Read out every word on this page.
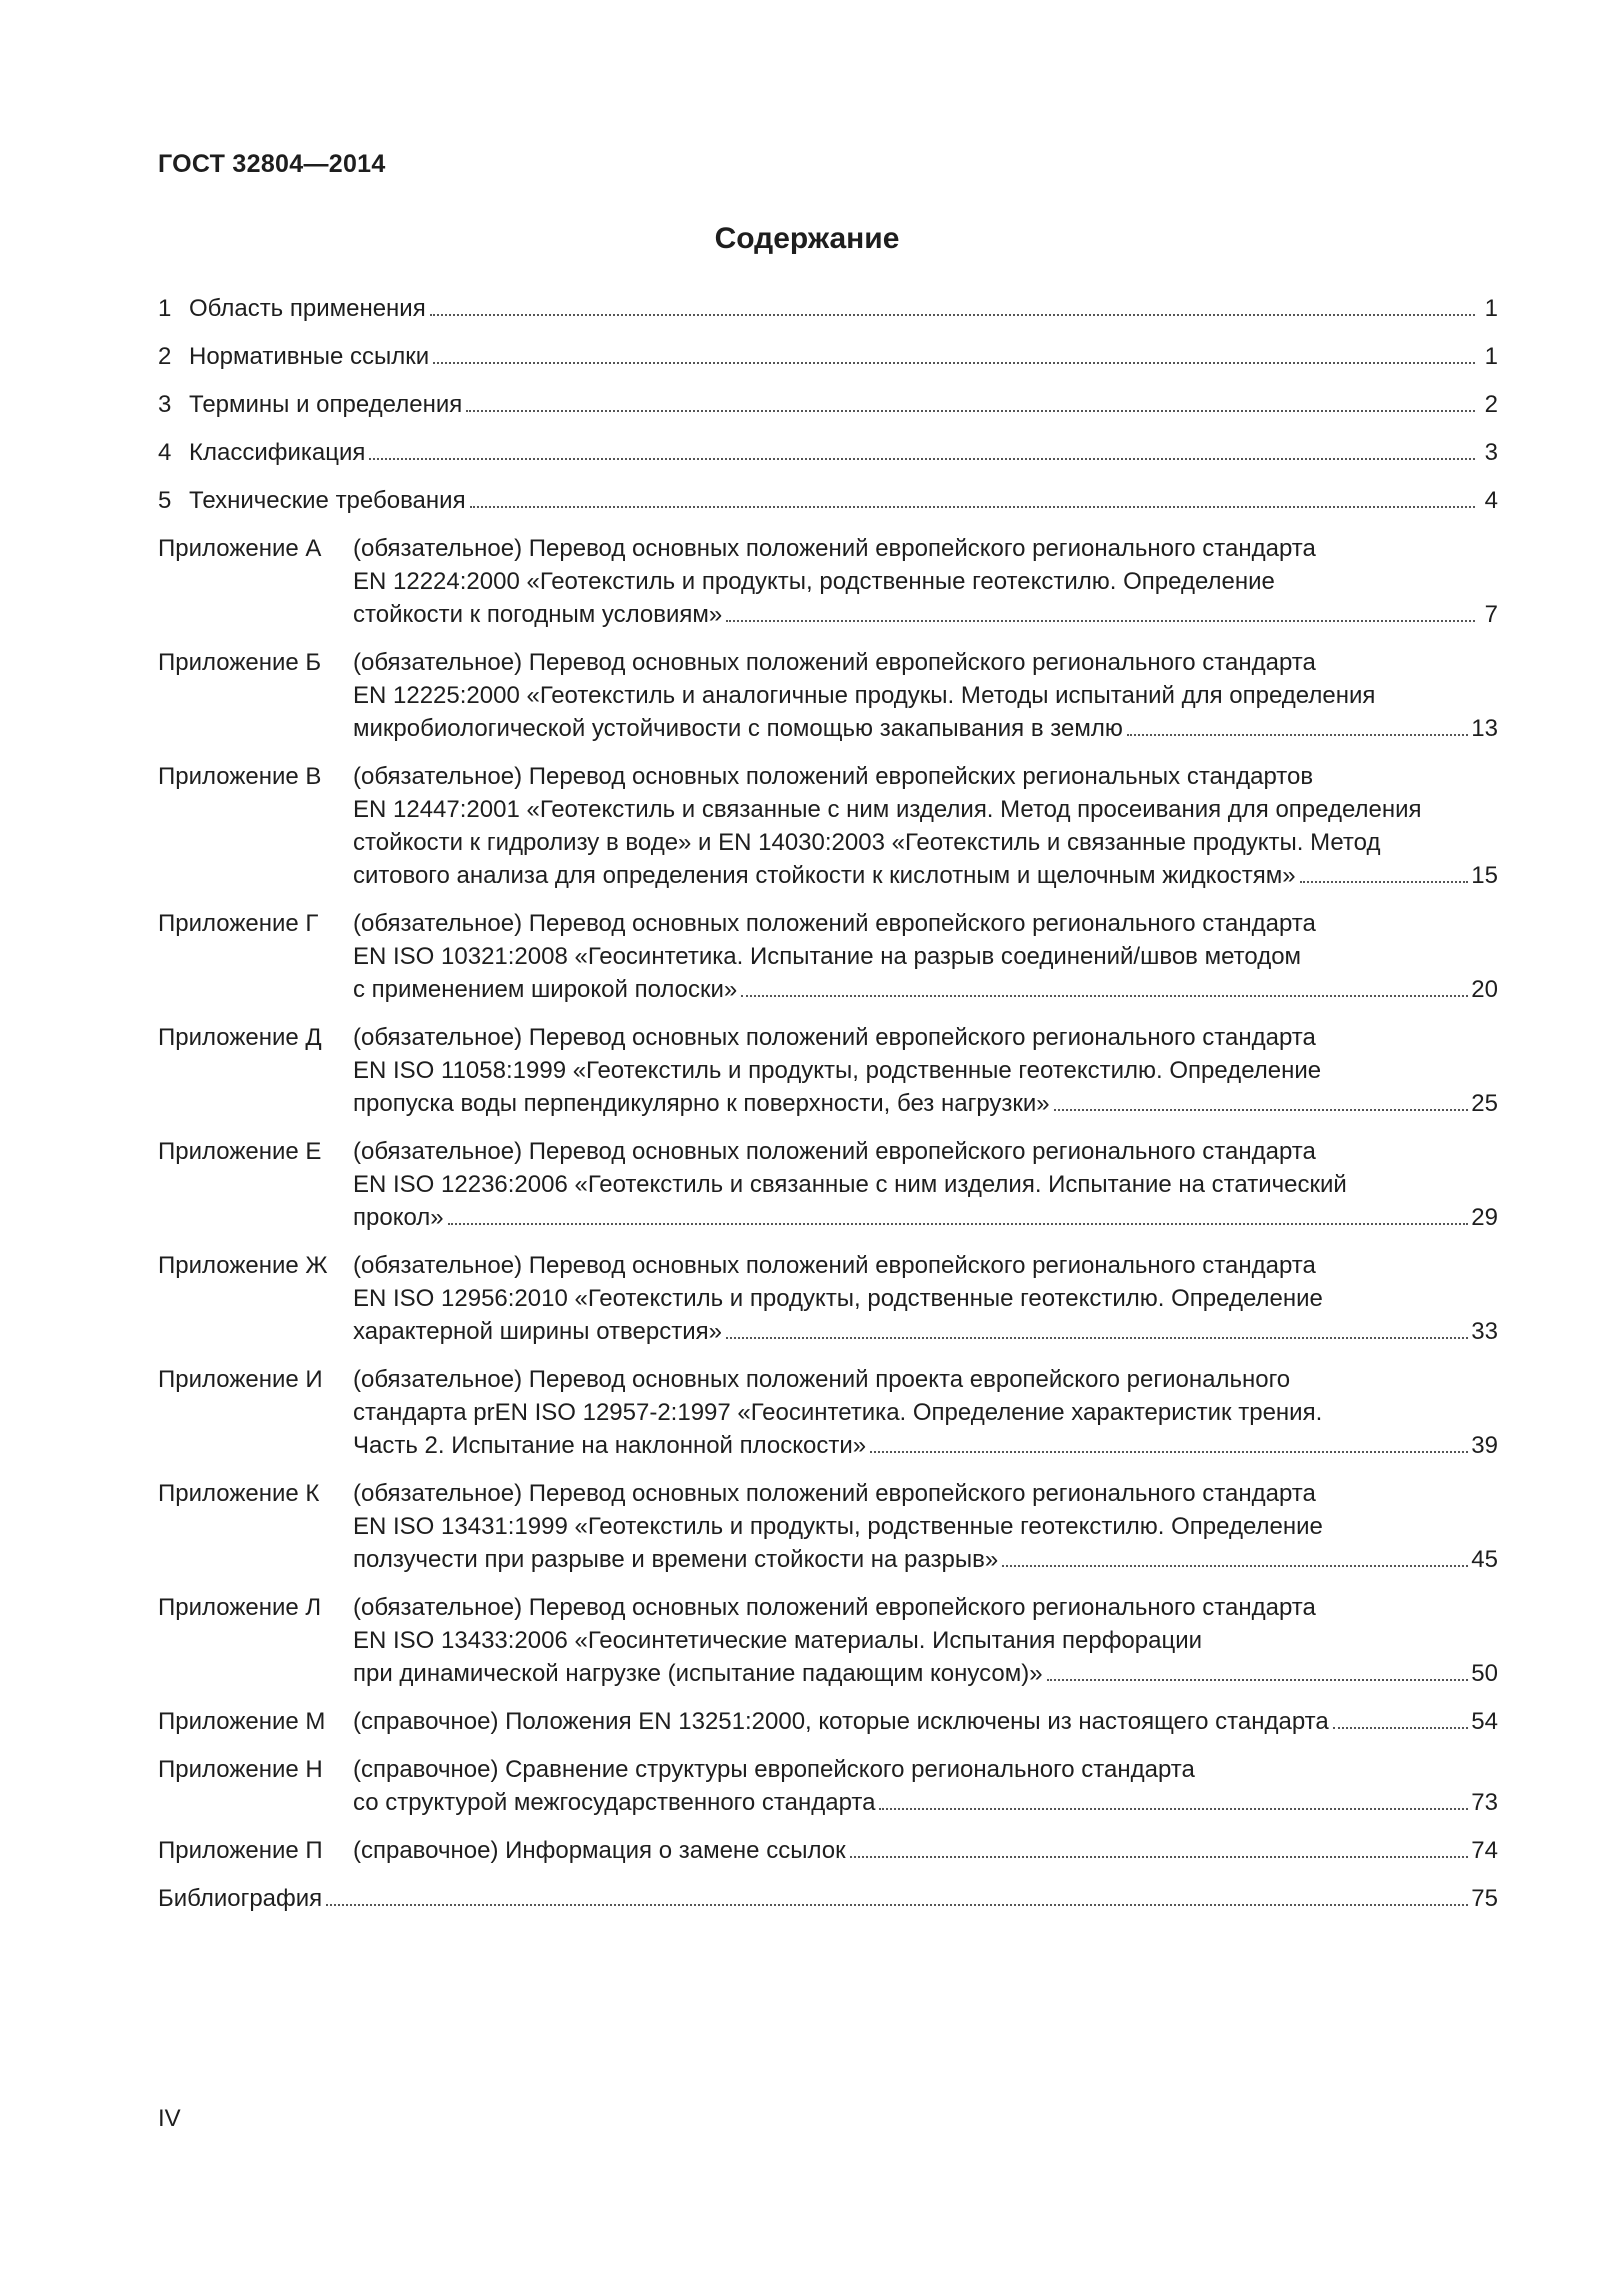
ГОСТ 32804—2014
Содержание
1 Область применения	1
2 Нормативные ссылки	1
3 Термины и определения	2
4 Классификация	3
5 Технические требования	4
Приложение А	(обязательное) Перевод основных положений европейского регионального стандарта
EN 12224:2000 «Геотекстиль и продукты, родственные геотекстилю. Определение
стойкости к погодным условиям»	7
Приложение Б	(обязательное) Перевод основных положений европейского регионального стандарта
EN 12225:2000 «Геотекстиль и аналогичные продукы. Методы испытаний для определения
микробиологической устойчивости с помощью закапывания в землю	13
Приложение В	(обязательное) Перевод основных положений европейских региональных стандартов
EN 12447:2001 «Геотекстиль и связанные с ним изделия. Метод просеивания для определения
стойкости к гидролизу в воде» и EN 14030:2003 «Геотекстиль и связанные продукты. Метод
ситового анализа для определения стойкости к кислотным и щелочным жидкостям»	15
Приложение Г	(обязательное) Перевод основных положений европейского регионального стандарта
EN ISO 10321:2008 «Геосинтетика. Испытание на разрыв соединений/швов методом
с применением широкой полоски»	20
Приложение Д	(обязательное) Перевод основных положений европейского регионального стандарта
EN ISO 11058:1999 «Геотекстиль и продукты, родственные геотекстилю. Определение
пропуска воды перпендикулярно к поверхности, без нагрузки»	25
Приложение Е	(обязательное) Перевод основных положений европейского регионального стандарта
EN ISO 12236:2006 «Геотекстиль и связанные с ним изделия. Испытание на статический
прокол»	29
Приложение Ж	(обязательное) Перевод основных положений европейского регионального стандарта
EN ISO 12956:2010 «Геотекстиль и продукты, родственные геотекстилю. Определение
характерной ширины отверстия»	33
Приложение И	(обязательное) Перевод основных положений проекта европейского регионального
стандарта prEN ISO 12957-2:1997 «Геосинтетика. Определение характеристик трения.
Часть 2. Испытание на наклонной плоскости»	39
Приложение К	(обязательное) Перевод основных положений европейского регионального стандарта
EN ISO 13431:1999 «Геотекстиль и продукты, родственные геотекстилю. Определение
ползучести при разрыве и времени стойкости на разрыв»	45
Приложение Л	(обязательное) Перевод основных положений европейского регионального стандарта
EN ISO 13433:2006 «Геосинтетические материалы. Испытания перфорации
при динамической нагрузке (испытание падающим конусом)»	50
Приложение М	(справочное) Положения EN 13251:2000, которые исключены из настоящего стандарта	54
Приложение Н	(справочное) Сравнение структуры европейского регионального стандарта
со структурой межгосударственного стандарта	73
Приложение П	(справочное) Информация о замене ссылок	74
Библиография	75
IV
